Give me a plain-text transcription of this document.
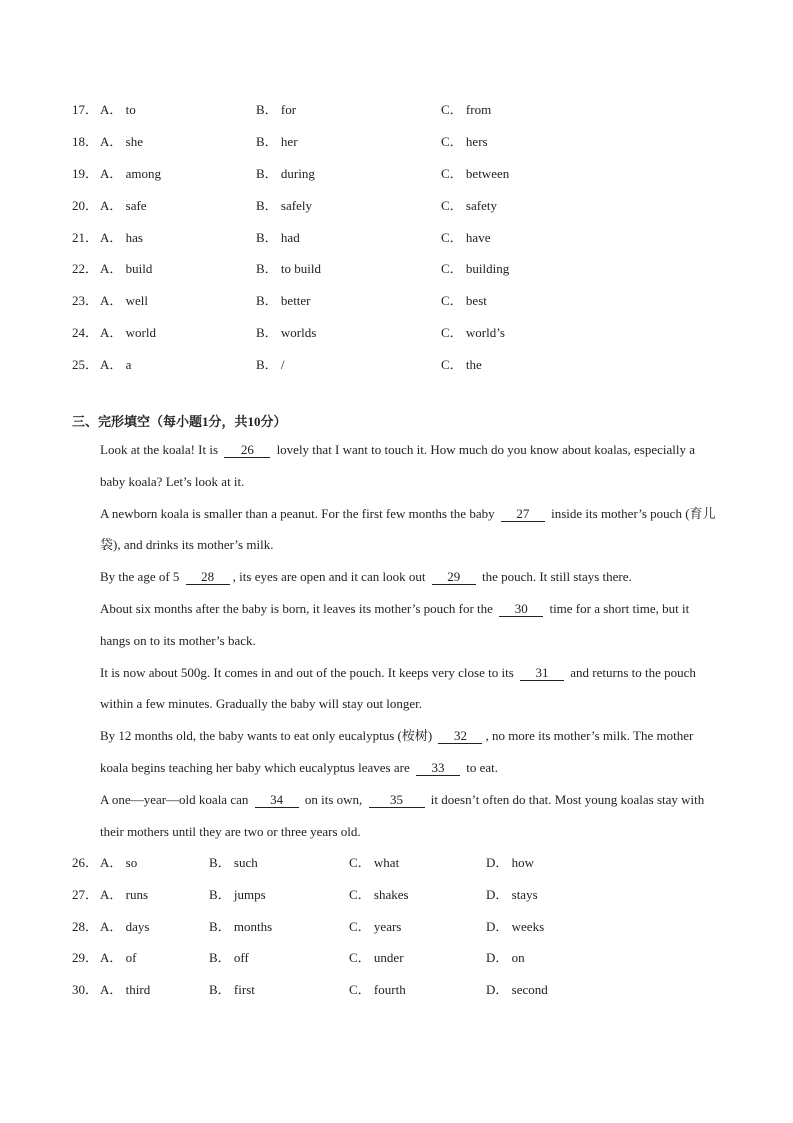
17． A． to	B． for	C． from
18． A． she	B． her	C． hers
19． A． among	B． during	C． between
20． A． safe	B． safely	C． safety
21． A． has	B． had	C． have
22． A． build	B． to build	C． building
23． A． well	B． better	C． best
24． A． world	B． worlds	C． world’s
25． A． a	B． /	C． the
三、完形填空（每小题1分，共10分）

Look at the koala! It is 26 lovely that I want to touch it. How much do you know about koalas, especially a baby koala? Let’s look at it.

A newborn koala is smaller than a peanut. For the first few months the baby 27 inside its mother’s pouch (育儿袋), and drinks its mother’s milk.

By the age of 5 28 , its eyes are open and it can look out 29 the pouch. It still stays there.

About six months after the baby is born, it leaves its mother’s pouch for the 30 time for a short time, but it hangs on to its mother’s back.

It is now about 500g. It comes in and out of the pouch. It keeps very close to its 31 and returns to the pouch within a few minutes. Gradually the baby will stay out longer.

By 12 months old, the baby wants to eat only eucalyptus (桉树) 32 , no more its mother’s milk. The mother koala begins teaching her baby which eucalyptus leaves are 33 to eat.

A one—year—old koala can 34 on its own, 35 it doesn’t often do that. Most young koalas stay with their mothers until they are two or three years old.

26． A． so	B． such	C． what	D． how
27． A． runs	B． jumps	C． shakes	D． stays
28． A． days	B． months	C． years	D． weeks
29． A． of	B． off	C． under	D． on
30． A． third	B． first	C． fourth	D． second
